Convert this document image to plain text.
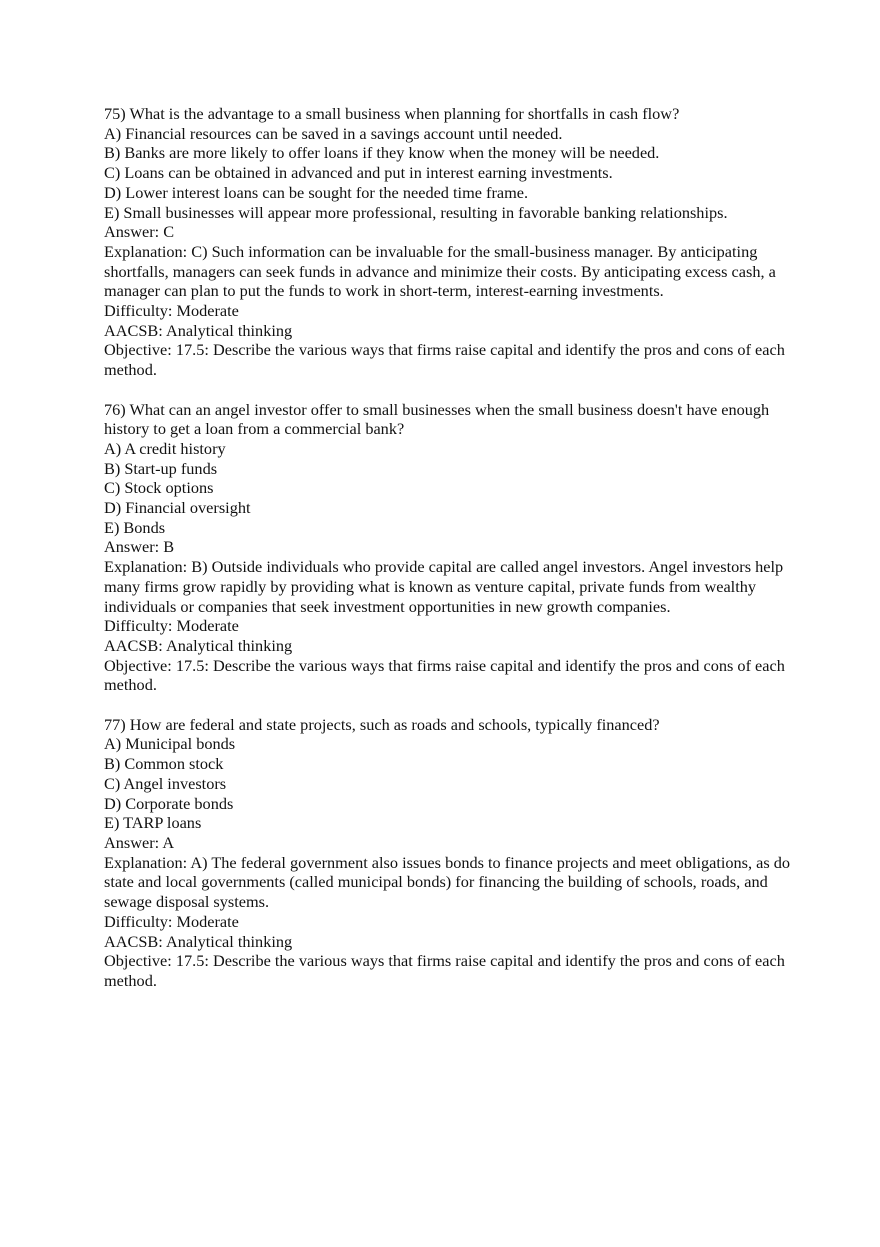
75) What is the advantage to a small business when planning for shortfalls in cash flow?
A) Financial resources can be saved in a savings account until needed.
B) Banks are more likely to offer loans if they know when the money will be needed.
C) Loans can be obtained in advanced and put in interest earning investments.
D) Lower interest loans can be sought for the needed time frame.
E) Small businesses will appear more professional, resulting in favorable banking relationships.
Answer: C
Explanation: C) Such information can be invaluable for the small-business manager. By anticipating shortfalls, managers can seek funds in advance and minimize their costs. By anticipating excess cash, a manager can plan to put the funds to work in short-term, interest-earning investments.
Difficulty: Moderate
AACSB: Analytical thinking
Objective: 17.5: Describe the various ways that firms raise capital and identify the pros and cons of each method.
76) What can an angel investor offer to small businesses when the small business doesn't have enough history to get a loan from a commercial bank?
A) A credit history
B) Start-up funds
C) Stock options
D) Financial oversight
E) Bonds
Answer: B
Explanation: B) Outside individuals who provide capital are called angel investors. Angel investors help many firms grow rapidly by providing what is known as venture capital, private funds from wealthy individuals or companies that seek investment opportunities in new growth companies.
Difficulty: Moderate
AACSB: Analytical thinking
Objective: 17.5: Describe the various ways that firms raise capital and identify the pros and cons of each method.
77) How are federal and state projects, such as roads and schools, typically financed?
A) Municipal bonds
B) Common stock
C) Angel investors
D) Corporate bonds
E) TARP loans
Answer: A
Explanation: A) The federal government also issues bonds to finance projects and meet obligations, as do state and local governments (called municipal bonds) for financing the building of schools, roads, and sewage disposal systems.
Difficulty: Moderate
AACSB: Analytical thinking
Objective: 17.5: Describe the various ways that firms raise capital and identify the pros and cons of each method.
